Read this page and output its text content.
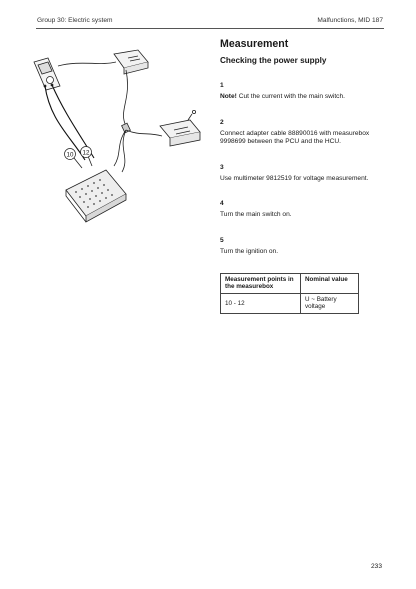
Group 30: Electric system	Malfunctions, MID 187
10 12
Measurement
Checking the power supply
1
Note! Cut the current with the main switch.
2
Connect adapter cable 88890016 with measurebox 9998699 between the PCU and the HCU.
3
Use multimeter 9812519 for voltage measurement.
4
Turn the main switch on.
5
Turn the ignition on.
Measurement points in the measurebox	Nominal value
10 - 12	U ~ Battery voltage
233
